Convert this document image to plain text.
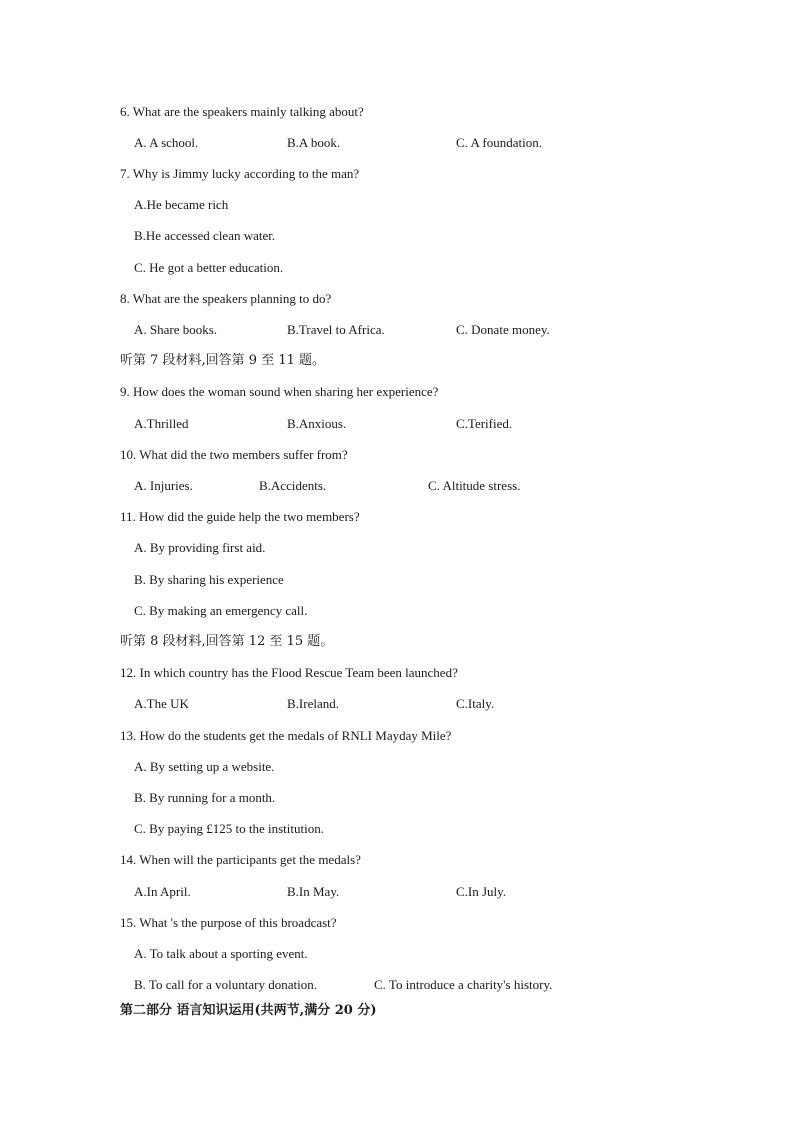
6. What are the speakers mainly talking about?
A. A school.	B.A book.	C. A foundation.
7. Why is Jimmy lucky according to the man?
A.He became rich
B.He accessed clean water.
C. He got a better education.
8. What are the speakers planning to do?
A. Share books.	B.Travel to Africa.	C. Donate money.
听第 7 段材料,回答第 9 至 11 题。
9. How does the woman sound when sharing her experience?
A.Thrilled	B.Anxious.	C.Terified.
10. What did the two members suffer from?
A. Injuries.	B.Accidents.	C. Altitude stress.
11. How did the guide help the two members?
A. By providing first aid.
B. By sharing his experience
C. By making an emergency call.
听第 8 段材料,回答第 12 至 15 题。
12. In which country has the Flood Rescue Team been launched?
A.The UK	B.Ireland.	C.Italy.
13. How do the students get the medals of RNLI Mayday Mile?
A. By setting up a website.
B. By running for a month.
C. By paying £125 to the institution.
14. When will the participants get the medals?
A.In April.	B.In May.	C.In July.
15. What 's the purpose of this broadcast?
A. To talk about a sporting event.
B. To call for a voluntary donation.	C. To introduce a charity's history.
第二部分 语言知识运用(共两节,满分 20 分)
